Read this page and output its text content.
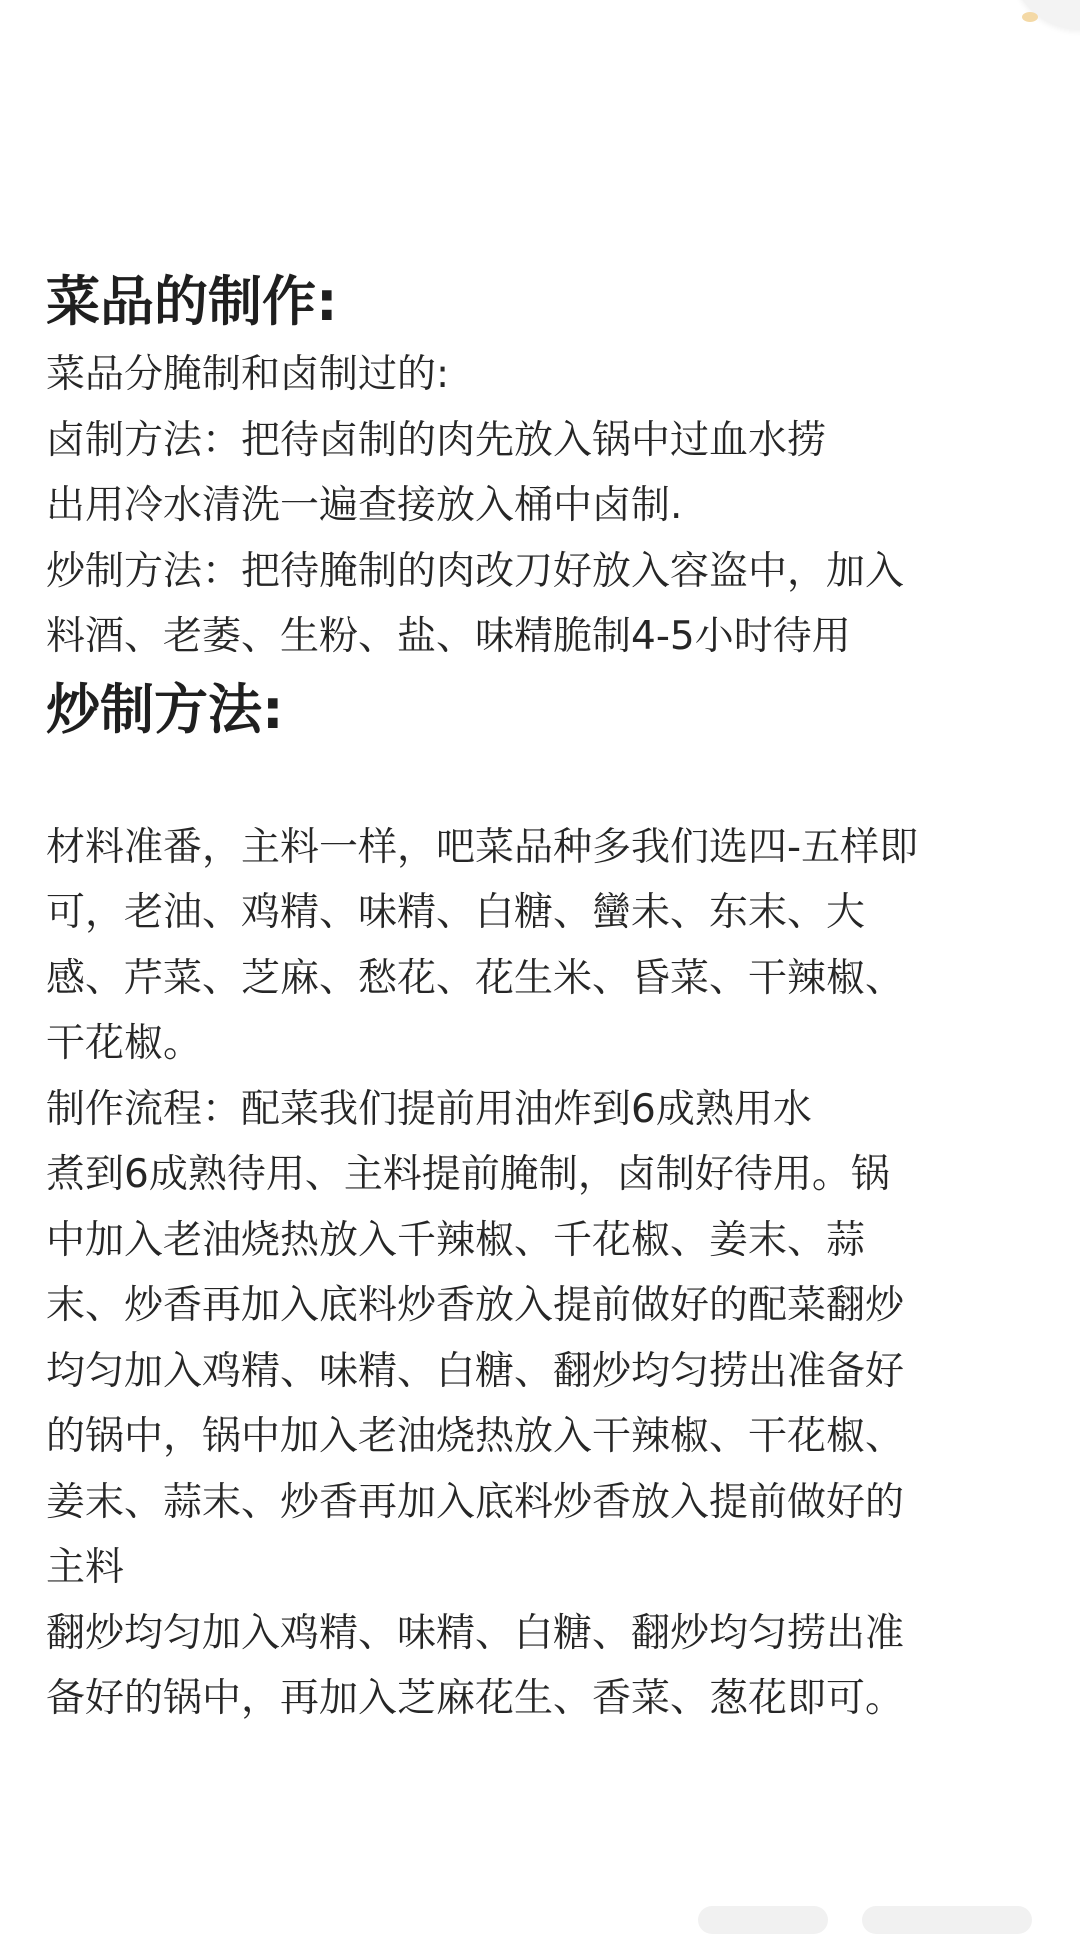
菜品的制作:

菜品分腌制和卤制过的:

卤制方法：把待卤制的肉先放入锅中过血水捞

出用冷水清洗一遍查接放入桶中卤制.

炒制方法：把待腌制的肉改刀好放入容盗中，加入

料酒、老萎、生粉、盐、味精脆制4-5小时待用

炒制方法:

材料准番，主料一样，吧菜品种多我们选四-五样即

可，老油、鸡精、味精、白糖、蠻未、东末、大

感、芹菜、芝麻、愁花、花生米、昏菜、干辣椒、

干花椒。

制作流程：配菜我们提前用油炸到6成熟用水

煮到6成熟待用、主料提前腌制，卤制好待用。锅

中加入老油烧热放入千辣椒、千花椒、姜末、蒜

末、炒香再加入底料炒香放入提前做好的配菜翻炒

均匀加入鸡精、味精、白糖、翻炒均匀捞出准备好

的锅中，锅中加入老油烧热放入干辣椒、干花椒、

姜末、蒜末、炒香再加入底料炒香放入提前做好的

主料

翻炒均匀加入鸡精、味精、白糖、翻炒均匀捞出准

备好的锅中，再加入芝麻花生、香菜、葱花即可。
